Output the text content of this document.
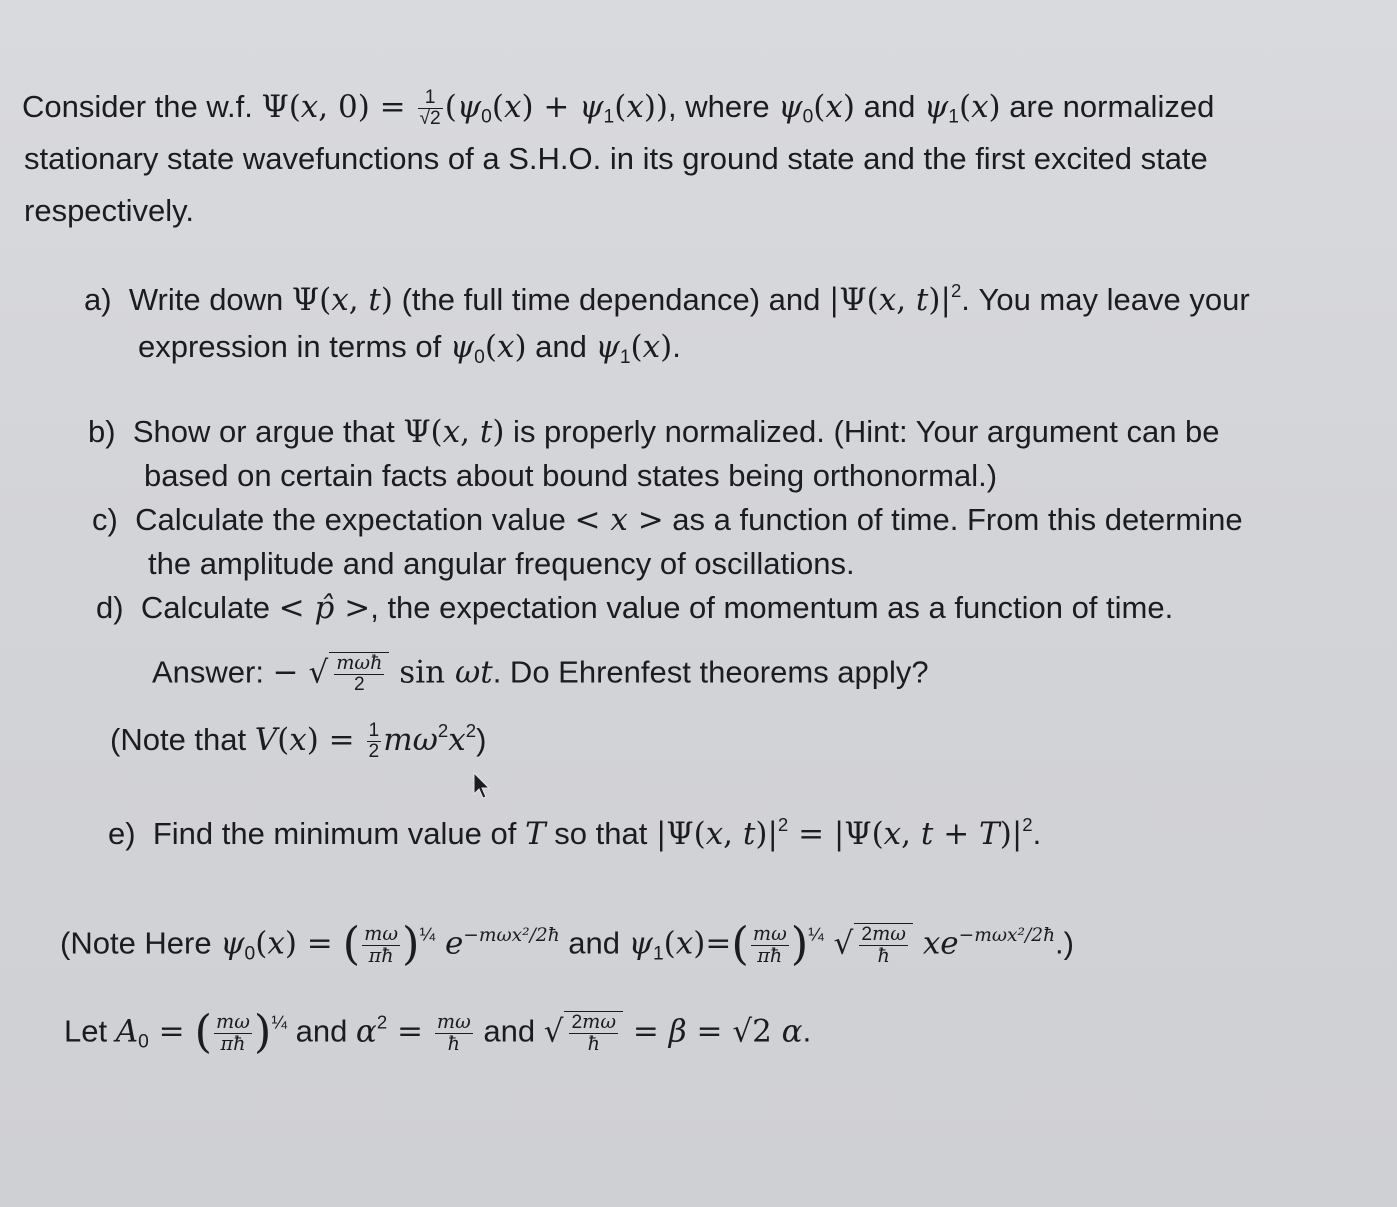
Consider the w.f. Ψ(x, $0) = \frac{1}{√2} (\psi_0(x) + \psi_1(x))$, where $\psi_0(x)$ and $\psi_1(x)$ are normalized
stationary state wavefunctions of a S.H.O. in its ground state and the first excited state
respectively.
a) Write down Ψ(x, t) (the full time dependance) and |Ψ(x, $t)|^2$. You may leave your
expression in terms of $\psi_0(x)$ and $\psi_1(x)$.
b) Show or argue that Ψ(x, t) is properly normalized. (Hint: Your argument can be
based on certain facts about bound states being orthonormal.)
c) Calculate the expectation value < x > as a function of time. From this determine
the amplitude and angular frequency of oscillations.
d) Calculate < p̂ >, the expectation value of momentum as a function of time.
Answer: − √ $\frac{\text{mωħ}}{2}$ sin ωt. Do Ehrenfest theorems apply?
(Note that $V(x) = \frac{1}{2} m\omega^2x^2$)
e) Find the minimum value of T so that |Ψ(x, $t)|^2 = |\Psi(x$, $t + T)|^2$.
(Note Here $\psi_0(x)$ = ( $\frac{m\omega}{\pi ħ} )^{\frac{1}{4}}$ $e^{-m\omega x^2/2ħ}$ and $\psi_1(x)=( \frac{m\omega}{\pi ħ} )^{\frac{1}{4}}$ √ $\frac{2m\omega}{ħ} xe^{-m\omega x^2/2ħ}$.)
Let $A_0$ = ( $\frac{m\omega}{\pi ħ} )^{\frac{1}{4}}$ and $\alpha^2 = \frac{m\omega}{ħ}$ and √ $\frac{2m\omega}{ħ} = \beta = √2$ α.
